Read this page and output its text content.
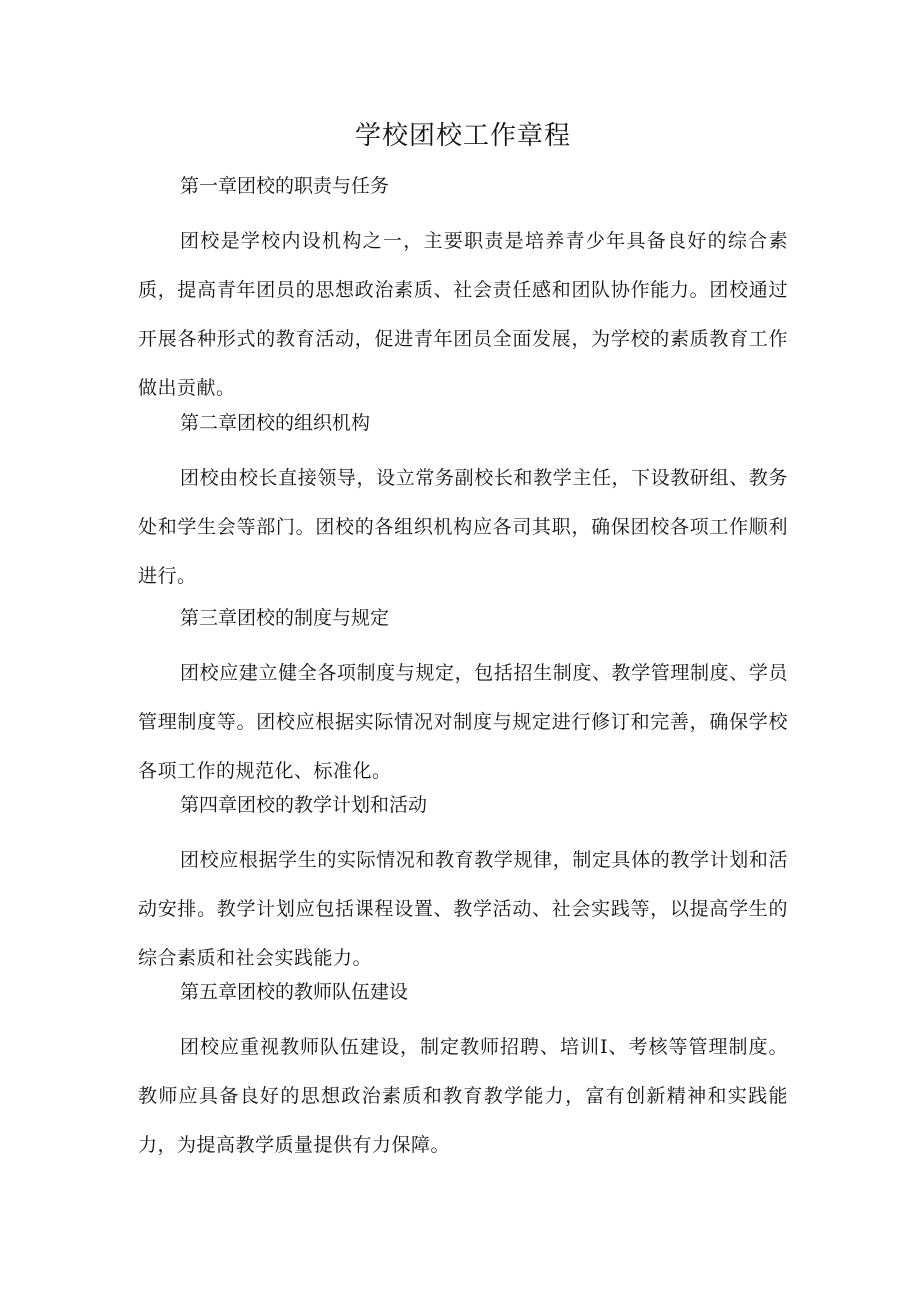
学校团校工作章程

第一章团校的职责与任务

团校是学校内设机构之一，主要职责是培养青少年具备良好的综合素质，提高青年团员的思想政治素质、社会责任感和团队协作能力。团校通过开展各种形式的教育活动，促进青年团员全面发展，为学校的素质教育工作做出贡献。

第二章团校的组织机构

团校由校长直接领导，设立常务副校长和教学主任，下设教研组、教务处和学生会等部门。团校的各组织机构应各司其职，确保团校各项工作顺利进行。

第三章团校的制度与规定

团校应建立健全各项制度与规定，包括招生制度、教学管理制度、学员管理制度等。团校应根据实际情况对制度与规定进行修订和完善，确保学校各项工作的规范化、标准化。

第四章团校的教学计划和活动

团校应根据学生的实际情况和教育教学规律，制定具体的教学计划和活动安排。教学计划应包括课程设置、教学活动、社会实践等，以提高学生的综合素质和社会实践能力。

第五章团校的教师队伍建设

团校应重视教师队伍建设，制定教师招聘、培训I、考核等管理制度。教师应具备良好的思想政治素质和教育教学能力，富有创新精神和实践能力，为提高教学质量提供有力保障。
